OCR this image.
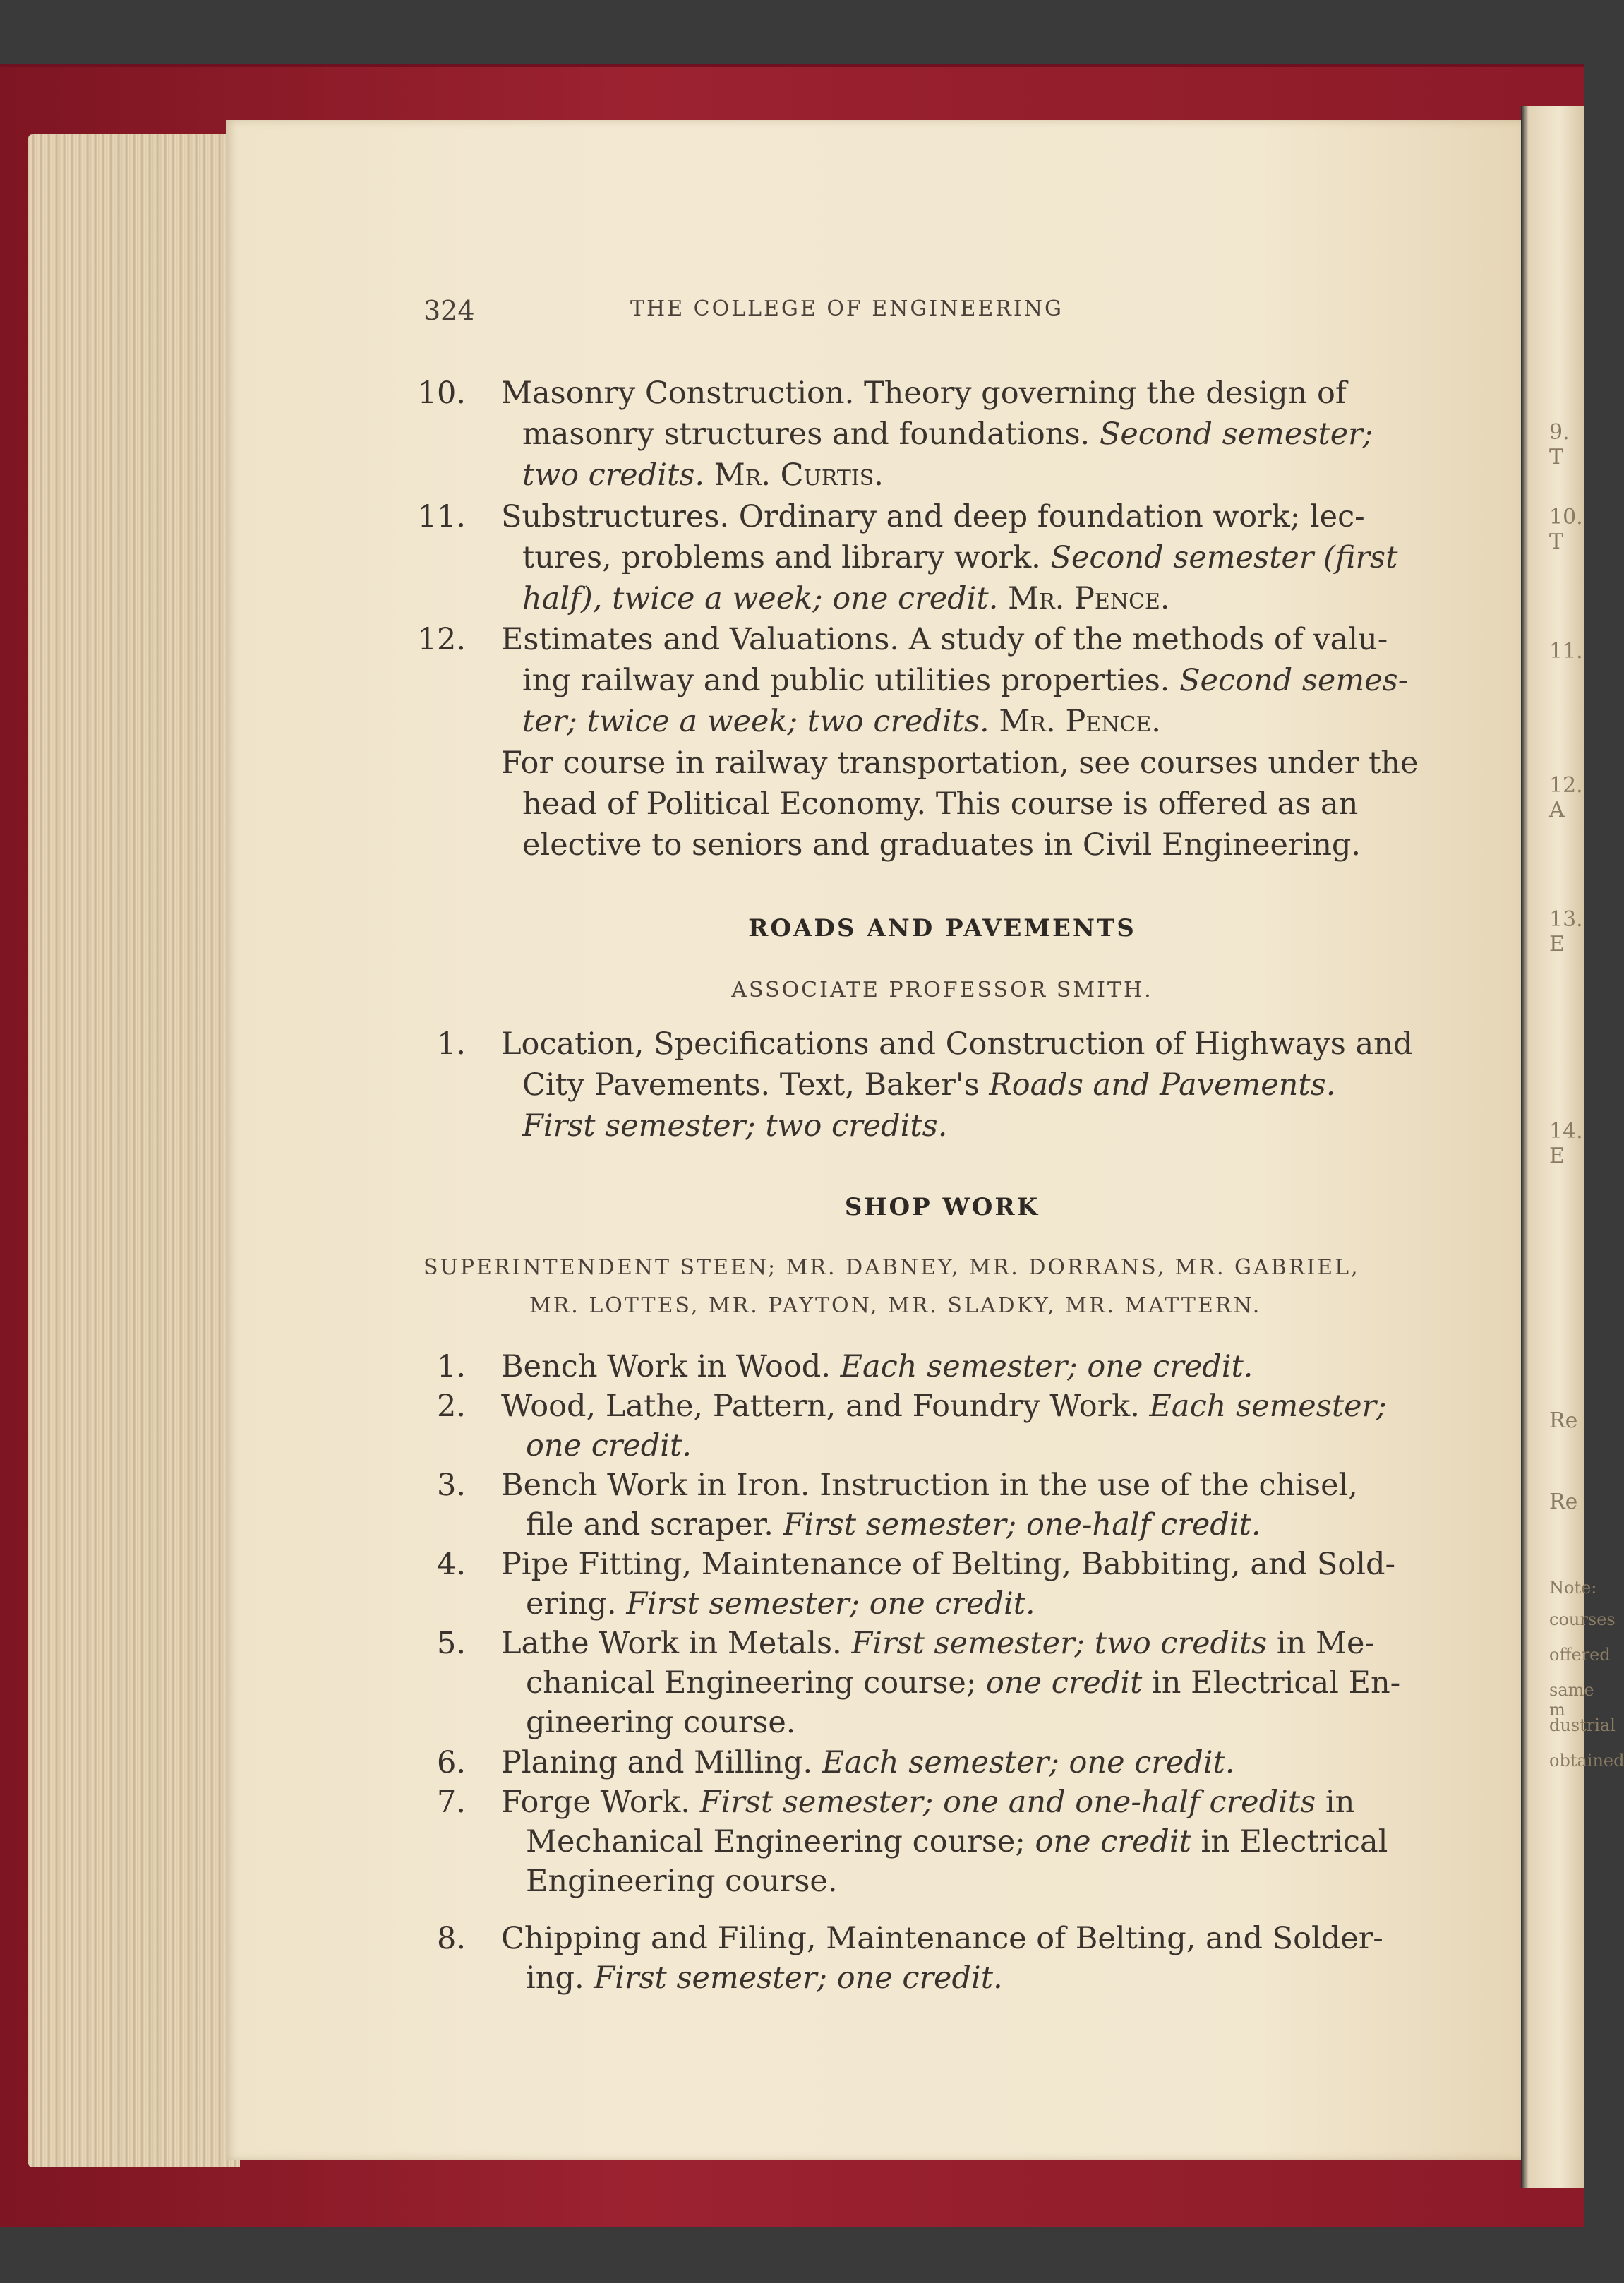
9. T
10. T
11.
12. A
13. E
14. E
Re
Re
Note:
courses
offered
same m
dustrial
obtained
324	THE COLLEGE OF ENGINEERING
10. Masonry Construction. Theory governing the design of
masonry structures and foundations. Second semester;
two credits. Mr. Curtis.
11. Substructures. Ordinary and deep foundation work; lec-
tures, problems and library work. Second semester (first
half), twice a week; one credit. Mr. Pence.
12. Estimates and Valuations. A study of the methods of valu-
ing railway and public utilities properties. Second semes-
ter; twice a week; two credits. Mr. Pence.
For course in railway transportation, see courses under the
head of Political Economy. This course is offered as an
elective to seniors and graduates in Civil Engineering.
ROADS AND PAVEMENTS
ASSOCIATE PROFESSOR SMITH.
1. Location, Specifications and Construction of Highways and
City Pavements. Text, Baker's Roads and Pavements.
First semester; two credits.
SHOP WORK
SUPERINTENDENT STEEN; MR. DABNEY, MR. DORRANS, MR. GABRIEL,
MR. LOTTES, MR. PAYTON, MR. SLADKY, MR. MATTERN.
1. Bench Work in Wood. Each semester; one credit.
2. Wood, Lathe, Pattern, and Foundry Work. Each semester;
one credit.
3. Bench Work in Iron. Instruction in the use of the chisel,
file and scraper. First semester; one-half credit.
4. Pipe Fitting, Maintenance of Belting, Babbiting, and Sold-
ering. First semester; one credit.
5. Lathe Work in Metals. First semester; two credits in Me-
chanical Engineering course; one credit in Electrical En-
gineering course.
6. Planing and Milling. Each semester; one credit.
7. Forge Work. First semester; one and one-half credits in
Mechanical Engineering course; one credit in Electrical
Engineering course.
8. Chipping and Filing, Maintenance of Belting, and Solder-
ing. First semester; one credit.
